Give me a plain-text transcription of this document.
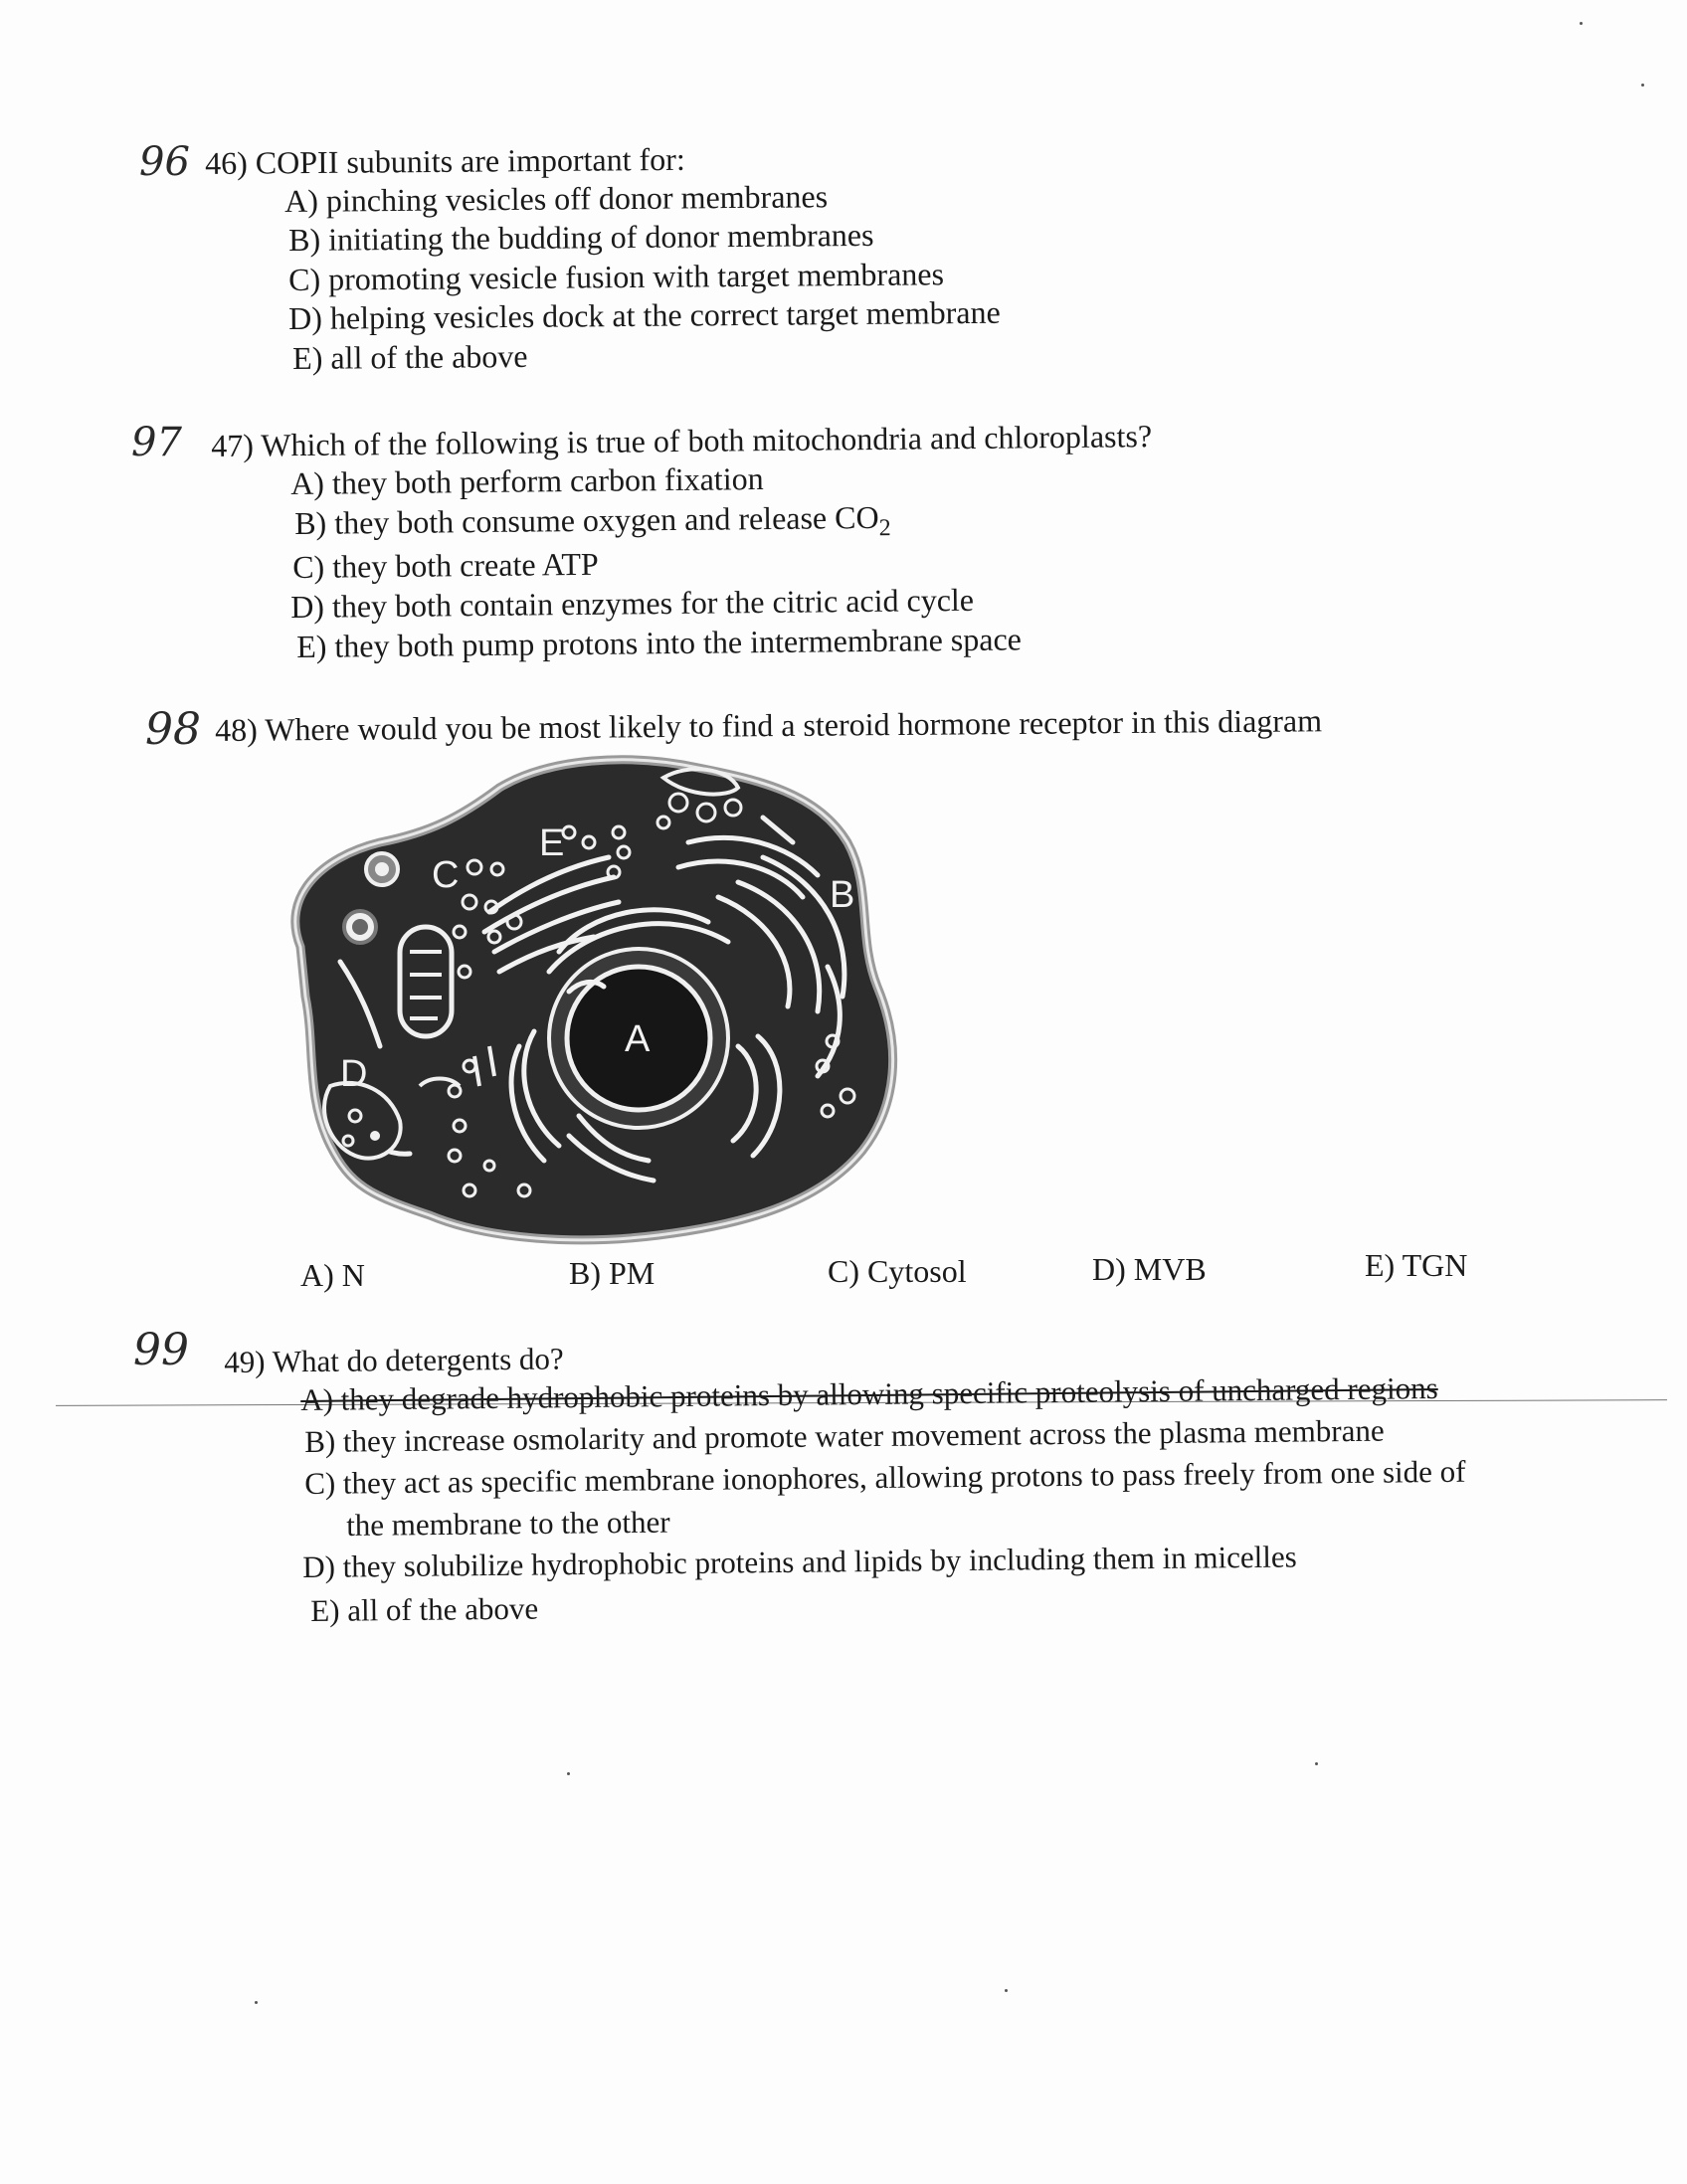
96 46) COPII subunits are important for:
A) pinching vesicles off donor membranes
B) initiating the budding of donor membranes
C) promoting vesicle fusion with target membranes
D) helping vesicles dock at the correct target membrane
E) all of the above
97 47) Which of the following is true of both mitochondria and chloroplasts?
A) they both perform carbon fixation
B) they both consume oxygen and release $CO_2$
C) they both create ATP
D) they both contain enzymes for the citric acid cycle
E) they both pump protons into the intermembrane space
98 48) Where would you be most likely to find a steroid hormone receptor in this diagram
A
B
C
D
E
A) N	B) PM	C) Cytosol	D) MVB	E) TGN
99 49) What do detergents do?
A) they degrade hydrophobic proteins by allowing specific proteolysis of uncharged regions
B) they increase osmolarity and promote water movement across the plasma membrane
C) they act as specific membrane ionophores, allowing protons to pass freely from one side of
the membrane to the other
D) they solubilize hydrophobic proteins and lipids by including them in micelles
E) all of the above
